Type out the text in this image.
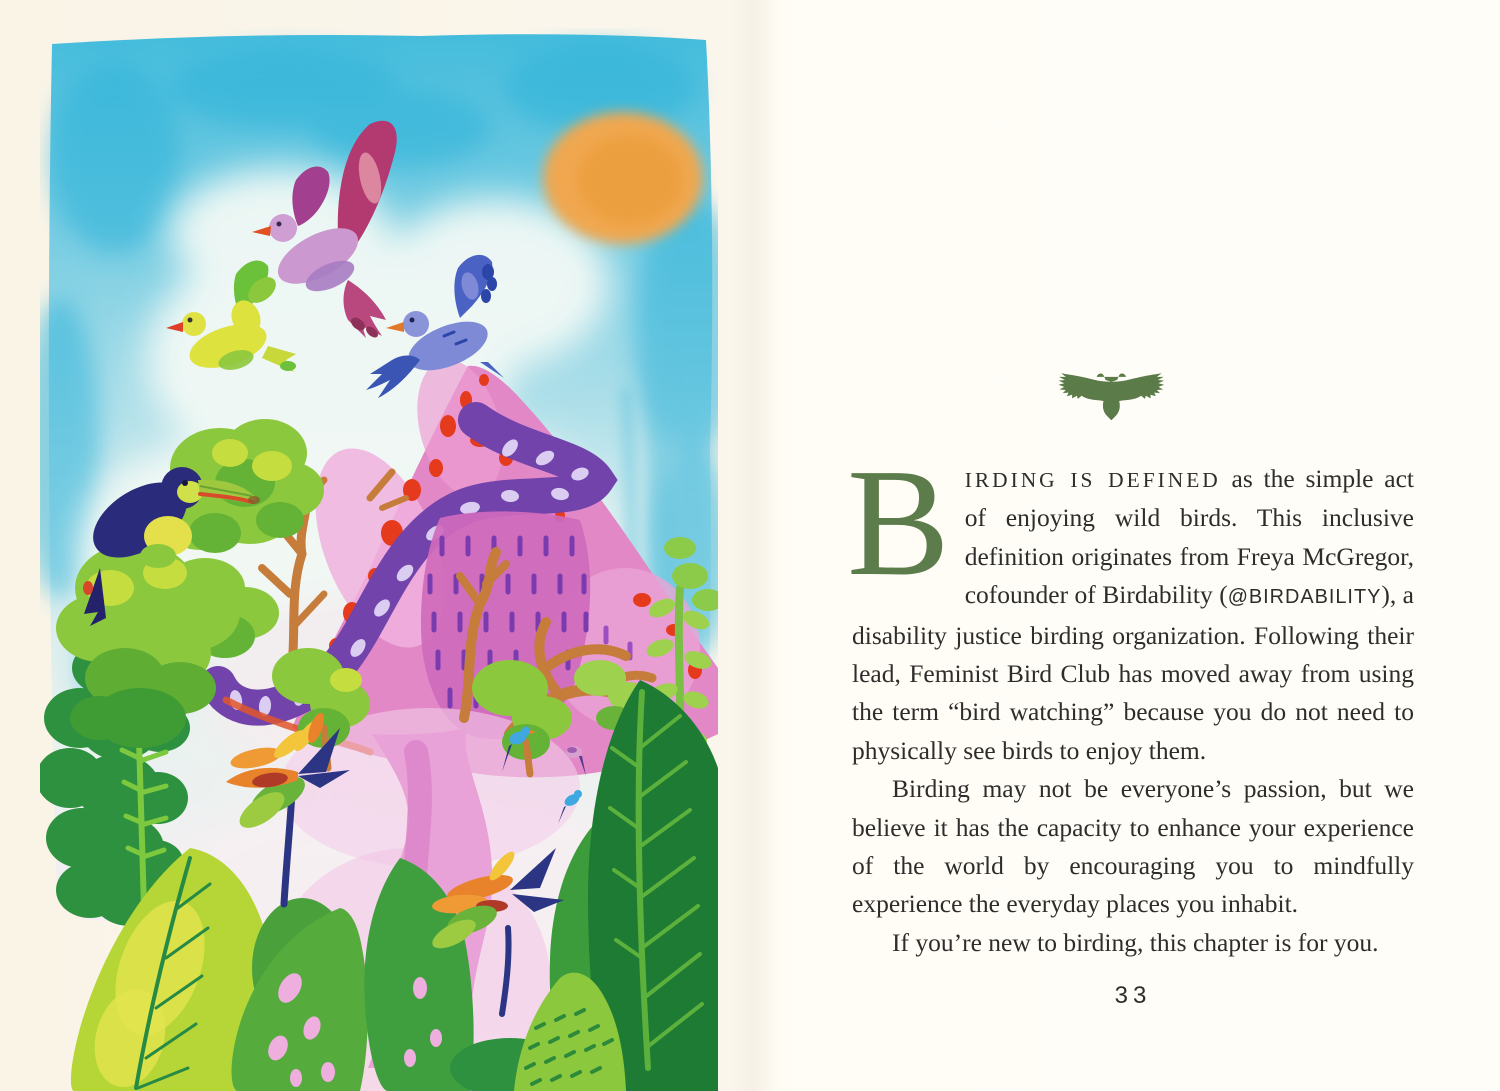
BIRDING IS DEFINED as the simple act of enjoying wild birds. This inclusive definition originates from Freya McGregor, cofounder of Birdability (@BIRDABILITY), a disability justice birding organization. Following their lead, Feminist Bird Club has moved away from using the term “bird watching” because you do not need to physically see birds to enjoy them.

Birding may not be everyone’s passion, but we believe it has the capacity to enhance your experience of the world by encouraging you to mindfully experience the everyday places you inhabit.

If you’re new to birding, this chapter is for you.

33
